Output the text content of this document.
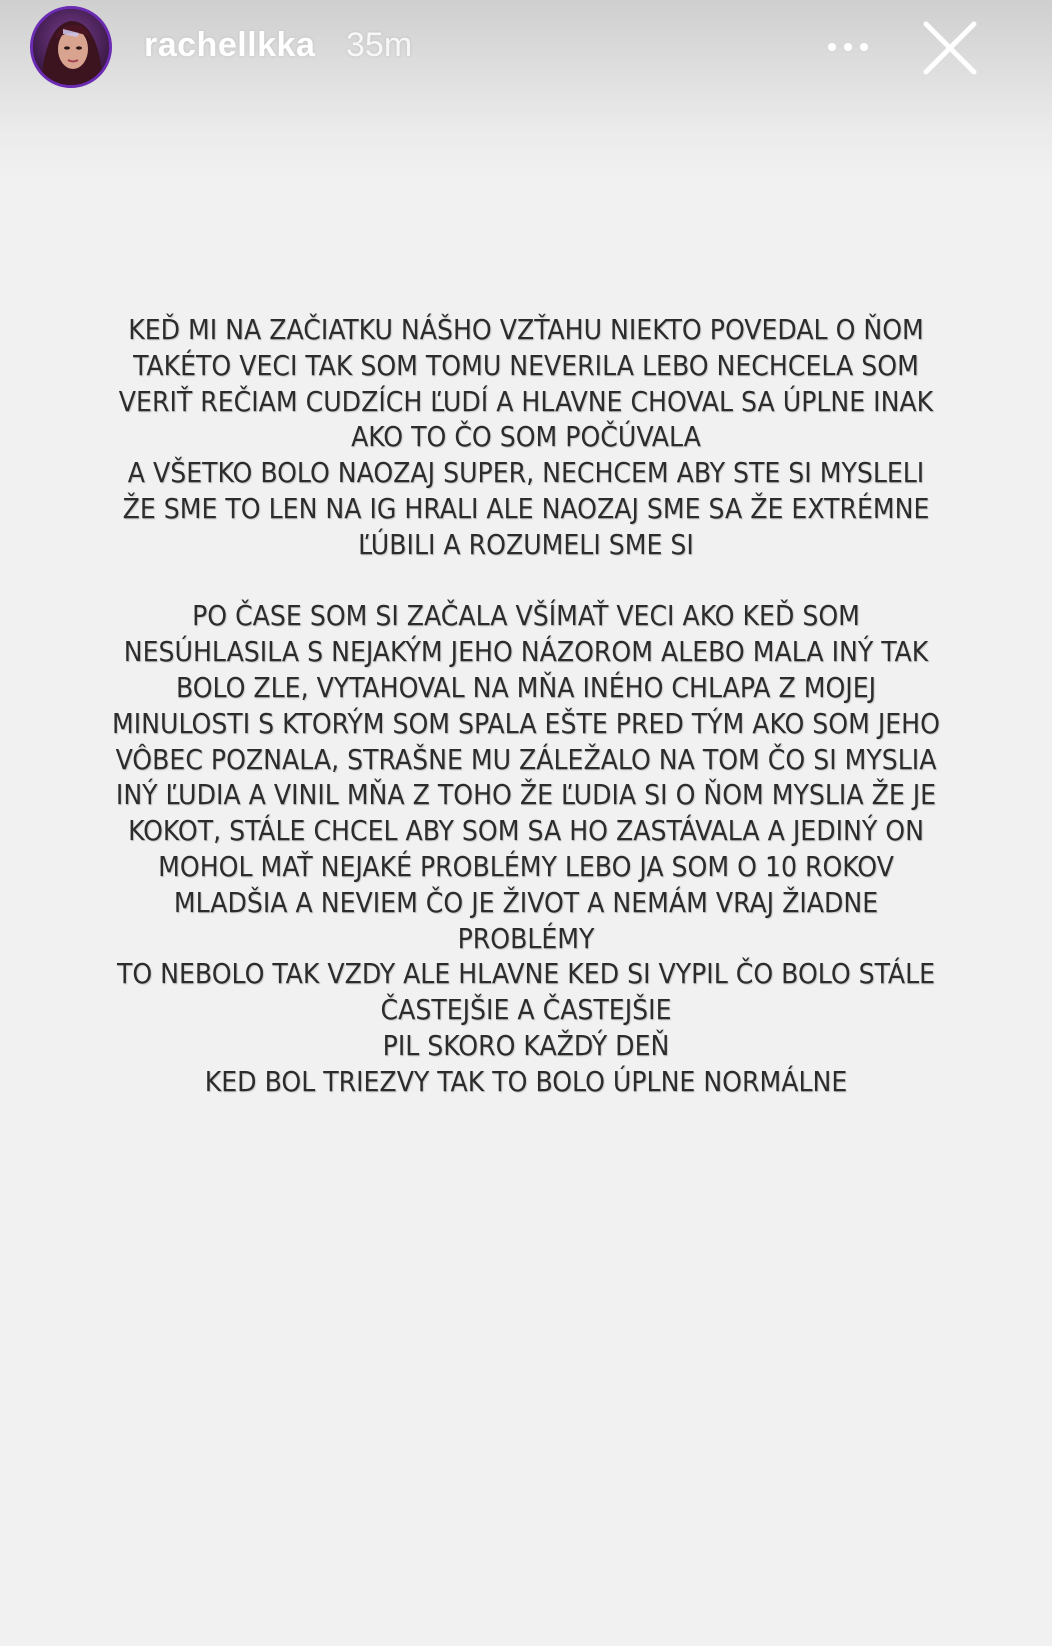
rachellkka 35m
KEĎ MI NA ZAČIATKU NÁŠHO VZŤAHU NIEKTO POVEDAL O ŇOM
TAKÉTO VECI TAK SOM TOMU NEVERILA LEBO NECHCELA SOM
VERIŤ REČIAM CUDZÍCH ĽUDÍ A HLAVNE CHOVAL SA ÚPLNE INAK
AKO TO ČO SOM POČÚVALA
A VŠETKO BOLO NAOZAJ SUPER, NECHCEM ABY STE SI MYSLELI
ŽE SME TO LEN NA IG HRALI ALE NAOZAJ SME SA ŽE EXTRÉMNE
ĽÚBILI A ROZUMELI SME SI
PO ČASE SOM SI ZAČALA VŠÍMAŤ VECI AKO KEĎ SOM
NESÚHLASILA S NEJAKÝM JEHO NÁZOROM ALEBO MALA INÝ TAK
BOLO ZLE, VYTAHOVAL NA MŇA INÉHO CHLAPA Z MOJEJ
MINULOSTI S KTORÝM SOM SPALA EŠTE PRED TÝM AKO SOM JEHO
VÔBEC POZNALA, STRAŠNE MU ZÁLEŽALO NA TOM ČO SI MYSLIA
INÝ ĽUDIA A VINIL MŇA Z TOHO ŽE ĽUDIA SI O ŇOM MYSLIA ŽE JE
KOKOT, STÁLE CHCEL ABY SOM SA HO ZASTÁVALA A JEDINÝ ON
MOHOL MAŤ NEJAKÉ PROBLÉMY LEBO JA SOM O 10 ROKOV
MLADŠIA A NEVIEM ČO JE ŽIVOT A NEMÁM VRAJ ŽIADNE
PROBLÉMY
TO NEBOLO TAK VZDY ALE HLAVNE KED SI VYPIL ČO BOLO STÁLE
ČASTEJŠIE A ČASTEJŠIE
PIL SKORO KAŽDÝ DEŇ
KED BOL TRIEZVY TAK TO BOLO ÚPLNE NORMÁLNE
